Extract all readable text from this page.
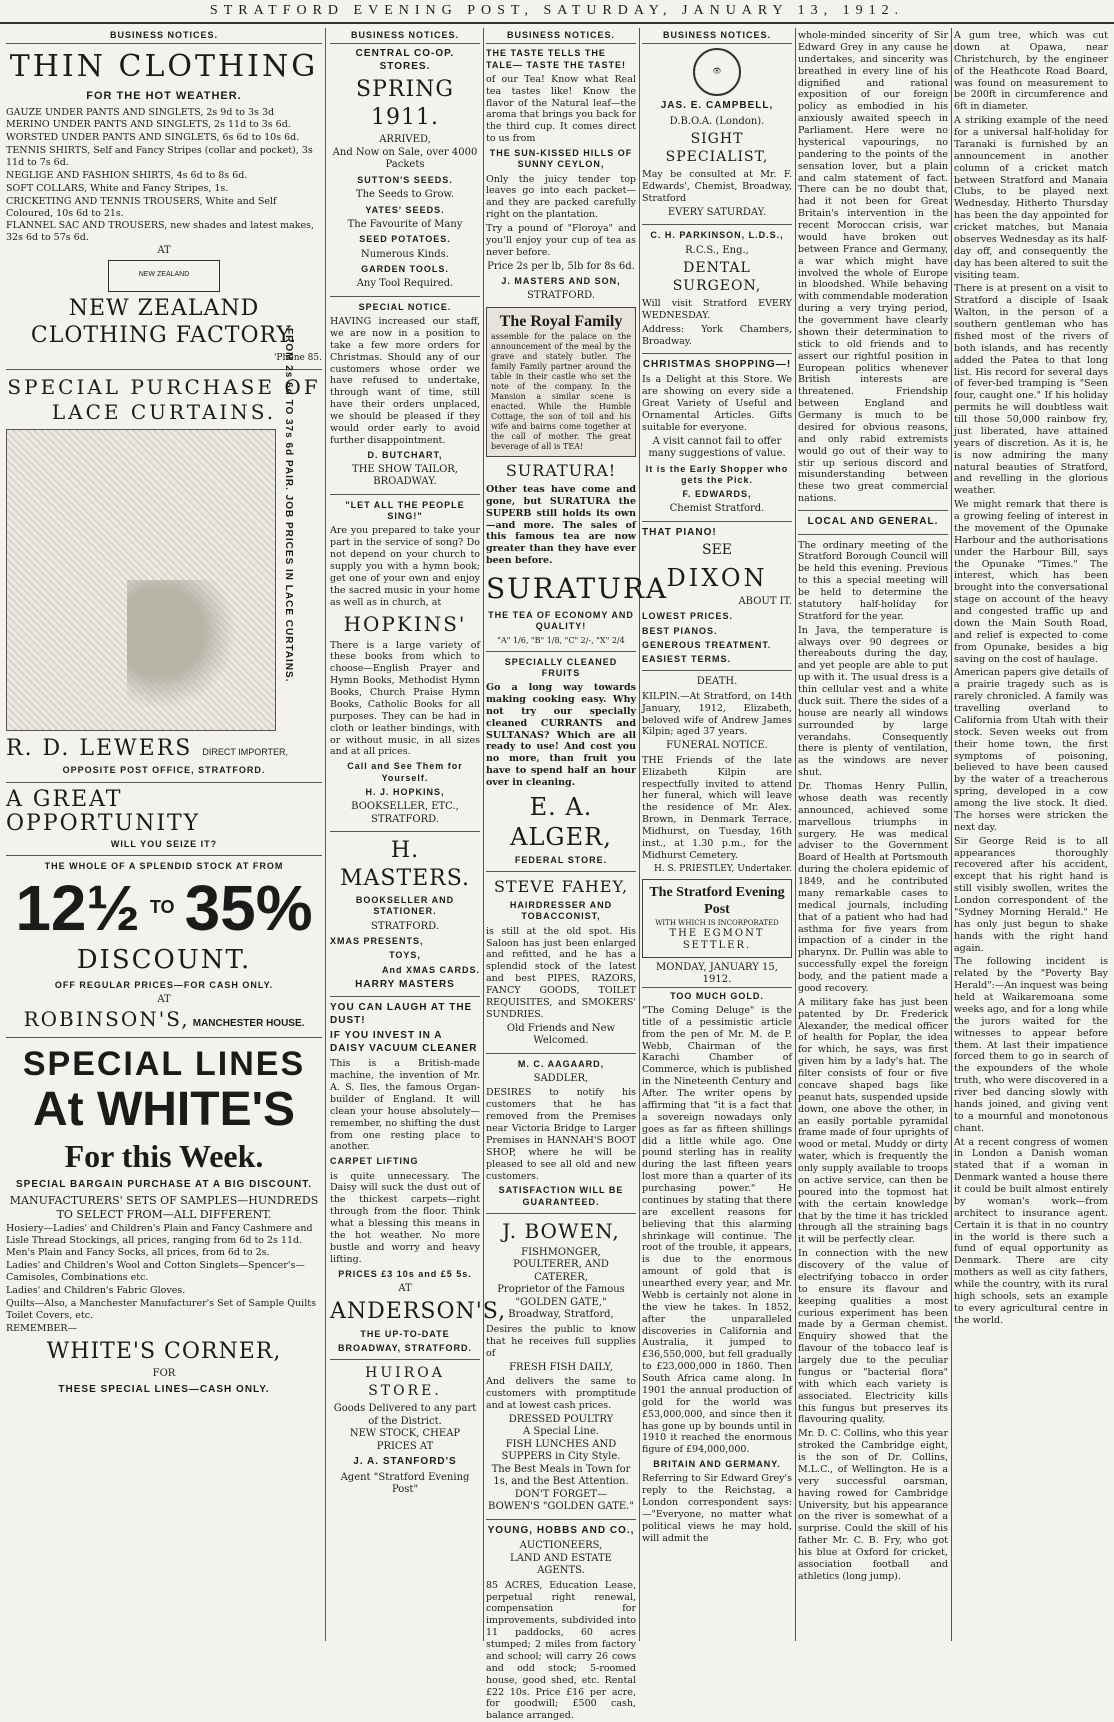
STRATFORD EVENING POST, SATURDAY, JANUARY 13, 1912.
BUSINESS NOTICES.
THIN CLOTHING
FOR THE HOT WEATHER.
GAUZE UNDER PANTS AND SINGLETS, 2s 9d to 3s 3d
MERINO UNDER PANTS AND SINGLETS, 2s 11d to 3s 6d.
WORSTED UNDER PANTS AND SINGLETS, 6s 6d to 10s 6d.
TENNIS SHIRTS, Self and Fancy Stripes (collar and pocket), 3s 11d to 7s 6d.
NEGLIGE AND FASHION SHIRTS, 4s 6d to 8s 6d.
SOFT COLLARS, White and Fancy Stripes, 1s.
CRICKETING AND TENNIS TROUSERS, White and Self Coloured, 10s 6d to 21s.
FLANNEL SAC AND TROUSERS, new shades and latest makes, 32s 6d to 57s 6d.
AT
NEW ZEALAND
NEW ZEALAND CLOTHING FACTORY.
'Phone 85.
SPECIAL PURCHASE OF LACE CURTAINS. FROM 2s 6d TO 37s 6d PAIR. JOB PRICES IN LACE CURTAINS.
R. D. LEWERS DIRECT IMPORTER,
OPPOSITE POST OFFICE, STRATFORD.
A GREAT OPPORTUNITY
WILL YOU SEIZE IT?
THE WHOLE OF A SPLENDID STOCK AT FROM
12½ TO 35%
DISCOUNT.
OFF REGULAR PRICES—FOR CASH ONLY.
AT
ROBINSON'S, MANCHESTER HOUSE.
SPECIAL LINES
At WHITE'S
For this Week.
SPECIAL BARGAIN PURCHASE AT A BIG DISCOUNT.
MANUFACTURERS' SETS OF SAMPLES—HUNDREDS TO SELECT FROM—ALL DIFFERENT.
Hosiery—Ladies' and Children's Plain and Fancy Cashmere and Lisle Thread Stockings, all prices, ranging from 6d to 2s 11d.
Men's Plain and Fancy Socks, all prices, from 6d to 2s.
Ladies' and Children's Wool and Cotton Singlets—Spencer's—Camisoles, Combinations etc.
Ladies' and Children's Fabric Gloves.
Quilts—Also, a Manchester Manufacturer's Set of Sample Quilts Toilet Covers, etc.
REMEMBER—
WHITE'S CORNER,
FOR
THESE SPECIAL LINES—CASH ONLY.
BUSINESS NOTICES.
CENTRAL CO-OP. STORES.
SPRING 1911.
ARRIVED,
And Now on Sale, over 4000 Packets
SUTTON'S SEEDS.
The Seeds to Grow.
YATES' SEEDS.
The Favourite of Many
SEED POTATOES.
Numerous Kinds.
GARDEN TOOLS.
Any Tool Required.
SPECIAL NOTICE.
HAVING increased our staff, we are now in a position to take a few more orders for Christmas. Should any of our customers whose order we have refused to undertake, through want of time, still have their orders unplaced, we should be pleased if they would order early to avoid further disappointment.
D. BUTCHART,
THE SHOW TAILOR,
BROADWAY.
"LET ALL THE PEOPLE SING!"
Are you prepared to take your part in the service of song? Do not depend on your church to supply you with a hymn book; get one of your own and enjoy the sacred music in your home as well as in church, at
HOPKINS'
There is a large variety of these books from which to choose—English Prayer and Hymn Books, Methodist Hymn Books, Church Praise Hymn Books, Catholic Books for all purposes. They can be had in cloth or leather bindings, with or without music, in all sizes and at all prices.
Call and See Them for Yourself.
H. J. HOPKINS,
BOOKSELLER, ETC., STRATFORD.
H. MASTERS.
BOOKSELLER AND STATIONER.
STRATFORD.
XMAS PRESENTS,
TOYS,
And XMAS CARDS.
HARRY MASTERS
YOU CAN LAUGH AT THE DUST!
IF YOU INVEST IN A DAISY VACUUM CLEANER
This is a British-made machine, the invention of Mr. A. S. Iles, the famous Organ-builder of England. It will clean your house absolutely—remember, no shifting the dust from one resting place to another.
CARPET LIFTING
is quite unnecessary. The Daisy will suck the dust out of the thickest carpets—right through from the floor. Think what a blessing this means in the hot weather. No more bustle and worry and heavy lifting.
PRICES £3 10s and £5 5s.
AT
ANDERSON'S,
THE UP-TO-DATE
BROADWAY, STRATFORD.
HUIROA STORE.
Goods Delivered to any part of the District.
NEW STOCK, CHEAP PRICES AT
J. A. STANFORD'S
Agent "Stratford Evening Post"
BUSINESS NOTICES.
THE TASTE TELLS THE TALE— TASTE THE TASTE!
of our Tea! Know what Real tea tastes like! Know the flavor of the Natural leaf—the aroma that brings you back for the third cup. It comes direct to us from
THE SUN-KISSED HILLS OF SUNNY CEYLON,
Only the juicy tender top leaves go into each packet—and they are packed carefully right on the plantation.
Try a pound of "Floroya" and you'll enjoy your cup of tea as never before.
Price 2s per lb, 5lb for 8s 6d.
J. MASTERS AND SON,
STRATFORD.
The Royal Family
assemble for the palace on the announcement of the meal by the grave and stately butler. The family Family partner around the table in their castle who set the note of the company. In the Mansion a similar scene is enacted. While the Humble Cottage, the son of toil and his wife and bairns come together at the call of mother. The great beverage of all is TEA!
SURATURA!
Other teas have come and gone, but SURATURA the SUPERB still holds its own—and more. The sales of this famous tea are now greater than they have ever been before.
SURATURA
THE TEA OF ECONOMY AND QUALITY!
"A" 1/6, "B" 1/8, "C" 2/-, "X" 2/4
SPECIALLY CLEANED FRUITS
Go a long way towards making cooking easy. Why not try our specially cleaned CURRANTS and SULTANAS? Which are all ready to use! And cost you no more, than fruit you have to spend half an hour over in cleaning.
E. A. ALGER,
FEDERAL STORE.
STEVE FAHEY,
HAIRDRESSER AND TOBACCONIST,
is still at the old spot. His Saloon has just been enlarged and refitted, and he has a splendid stock of the latest and best PIPES, RAZORS, FANCY GOODS, TOILET REQUISITES, and SMOKERS' SUNDRIES.
Old Friends and New Welcomed.
M. C. AAGAARD,
SADDLER,
DESIRES to notify his customers that he has removed from the Premises near Victoria Bridge to Larger Premises in HANNAH'S BOOT SHOP, where he will be pleased to see all old and new customers.
SATISFACTION WILL BE GUARANTEED.
J. BOWEN,
FISHMONGER, POULTERER, AND CATERER,
Proprietor of the Famous
"GOLDEN GATE,"
Broadway, Stratford,
Desires the public to know that he receives full supplies of
FRESH FISH DAILY,
And delivers the same to customers with promptitude and at lowest cash prices.
DRESSED POULTRY
A Special Line.
FISH LUNCHES AND SUPPERS in City Style.
The Best Meals in Town for 1s, and the Best Attention.
DON'T FORGET—
BOWEN'S "GOLDEN GATE."
YOUNG, HOBBS AND CO.,
AUCTIONEERS,
LAND AND ESTATE AGENTS.
85 ACRES, Education Lease, perpetual right renewal, compensation for improvements, subdivided into 11 paddocks, 60 acres stumped; 2 miles from factory and school; will carry 26 cows and odd stock; 5-roomed house, good shed, etc. Rental £22 10s. Price £16 per acre, for goodwill; £500 cash, balance arranged.
BUSINESS NOTICES.
👁
JAS. E. CAMPBELL,
D.B.O.A. (London).
SIGHT SPECIALIST,
May be consulted at Mr. F. Edwards', Chemist, Broadway, Stratford
EVERY SATURDAY.
C. H. PARKINSON, L.D.S.,
R.C.S., Eng.,
DENTAL SURGEON,
Will visit Stratford EVERY WEDNESDAY.
Address: York Chambers, Broadway.
CHRISTMAS SHOPPING—!
Is a Delight at this Store. We are showing on every side a Great Variety of Useful and Ornamental Articles. Gifts suitable for everyone.
A visit cannot fail to offer many suggestions of value.
It is the Early Shopper who gets the Pick.
F. EDWARDS,
Chemist Stratford.
THAT PIANO!
SEE
DIXON
ABOUT IT.
LOWEST PRICES.
BEST PIANOS.
GENEROUS TREATMENT.
EASIEST TERMS.
DEATH.
KILPIN.—At Stratford, on 14th January, 1912, Elizabeth, beloved wife of Andrew James Kilpin; aged 37 years.
FUNERAL NOTICE.
THE Friends of the late Elizabeth Kilpin are respectfully invited to attend her funeral, which will leave the residence of Mr. Alex. Brown, in Denmark Terrace, Midhurst, on Tuesday, 16th inst., at 1.30 p.m., for the Midhurst Cemetery.
H. S. PRIESTLEY, Undertaker.
The Stratford Evening Post
WITH WHICH IS INCORPORATED
THE EGMONT SETTLER.
MONDAY, JANUARY 15, 1912.
TOO MUCH GOLD.
"The Coming Deluge" is the title of a pessimistic article from the pen of Mr. M. de P. Webb, Chairman of the Karachi Chamber of Commerce, which is published in the Nineteenth Century and After. The writer opens by affirming that "it is a fact that a sovereign nowadays only goes as far as fifteen shillings did a little while ago. One pound sterling has in reality during the last fifteen years lost more than a quarter of its purchasing power." He continues by stating that there are excellent reasons for believing that this alarming shrinkage will continue. The root of the trouble, it appears, is due to the enormous amount of gold that is unearthed every year, and Mr. Webb is certainly not alone in the view he takes. In 1852, after the unparalleled discoveries in California and Australia, it jumped to £36,550,000, but fell gradually to £23,000,000 in 1860. Then South Africa came along. In 1901 the annual production of gold for the world was £53,000,000, and since then it has gone up by bounds until in 1910 it reached the enormous figure of £94,000,000.
BRITAIN AND GERMANY.
Referring to Sir Edward Grey's reply to the Reichstag, a London correspondent says:—"Everyone, no matter what political views he may hold, will admit the
whole-minded sincerity of Sir Edward Grey in any cause he undertakes, and sincerity was breathed in every line of his dignified and rational exposition of our foreign policy as embodied in his anxiously awaited speech in Parliament. Here were no hysterical vapourings, no pandering to the points of the sensation lover, but a plain and calm statement of fact. There can be no doubt that, had it not been for Great Britain's intervention in the recent Moroccan crisis, war would have broken out between France and Germany, a war which might have involved the whole of Europe in bloodshed. While behaving with commendable moderation during a very trying period, the government have clearly shown their determination to stick to old friends and to assert our rightful position in European politics whenever British interests are threatened. Friendship between England and Germany is much to be desired for obvious reasons, and only rabid extremists would go out of their way to stir up serious discord and misunderstanding between these two great commercial nations.
LOCAL AND GENERAL.
The ordinary meeting of the Stratford Borough Council will be held this evening. Previous to this a special meeting will be held to determine the statutory half-holiday for Stratford for the year.
In Java, the temperature is always over 90 degrees or thereabouts during the day, and yet people are able to put up with it. The usual dress is a thin cellular vest and a white duck suit. There the sides of a house are nearly all windows surrounded by large verandahs. Consequently there is plenty of ventilation, as the windows are never shut.
Dr. Thomas Henry Pullin, whose death was recently announced, achieved some marvellous triumphs in surgery. He was medical adviser to the Government Board of Health at Portsmouth during the cholera epidemic of 1849, and he contributed many remarkable cases to medical journals, including that of a patient who had had asthma for five years from impaction of a cinder in the pharynx. Dr. Pullin was able to successfully expel the foreign body, and the patient made a good recovery.
A military fake has just been patented by Dr. Frederick Alexander, the medical officer of health for Poplar, the idea for which, he says, was first given him by a lady's hat. The filter consists of four or five concave shaped bags like peanut hats, suspended upside down, one above the other, in an easily portable pyramidal frame made of four uprights of wood or metal. Muddy or dirty water, which is frequently the only supply available to troops on active service, can then be poured into the topmost hat with the certain knowledge that by the time it has trickled through all the straining bags it will be perfectly clear.
In connection with the new discovery of the value of electrifying tobacco in order to ensure its flavour and keeping qualities a most curious experiment has been made by a German chemist. Enquiry showed that the flavour of the tobacco leaf is largely due to the peculiar fungus or "bacterial flora" with which each variety is associated. Electricity kills this fungus but preserves its flavouring quality.
Mr. D. C. Collins, who this year stroked the Cambridge eight, is the son of Dr. Collins, M.L.C., of Wellington. He is a very successful oarsman, having rowed for Cambridge University, but his appearance on the river is somewhat of a surprise. Could the skill of his father Mr. C. B. Fry, who got his blue at Oxford for cricket, association football and athletics (long jump).
A gum tree, which was cut down at Opawa, near Christchurch, by the engineer of the Heathcote Road Board, was found on measurement to be 200ft in circumference and 6ft in diameter.
A striking example of the need for a universal half-holiday for Taranaki is furnished by an announcement in another column of a cricket match between Stratford and Manaia Clubs, to be played next Wednesday. Hitherto Thursday has been the day appointed for cricket matches, but Manaia observes Wednesday as its half-day off, and consequently the day has been altered to suit the visiting team.
There is at present on a visit to Stratford a disciple of Isaak Walton, in the person of a southern gentleman who has fished most of the rivers of both islands, and has recently added the Patea to that long list. His record for several days of fever-bed tramping is "Seen four, caught one." If his holiday permits he will doubtless wait till those 50,000 rainbow fry, just liberated, have attained years of discretion. As it is, he is now admiring the many natural beauties of Stratford, and revelling in the glorious weather.
We might remark that there is a growing feeling of interest in the movement of the Opunake Harbour and the authorisations under the Harbour Bill, says the Opunake "Times." The interest, which has been brought into the conversational stage on account of the heavy and congested traffic up and down the Main South Road, and relief is expected to come from Opunake, besides a big saving on the cost of haulage.
American papers give details of a prairie tragedy such as is rarely chronicled. A family was travelling overland to California from Utah with their stock. Seven weeks out from their home town, the first symptoms of poisoning, believed to have been caused by the water of a treacherous spring, developed in a cow among the live stock. It died. The horses were stricken the next day.
Sir George Reid is to all appearances thoroughly recovered after his accident, except that his right hand is still visibly swollen, writes the London correspondent of the "Sydney Morning Herald." He has only just begun to shake hands with the right hand again.
The following incident is related by the "Poverty Bay Herald":—An inquest was being held at Waikaremoana some weeks ago, and for a long while the jurors waited for the witnesses to appear before them. At last their impatience forced them to go in search of the expounders of the whole truth, who were discovered in a river bed dancing slowly with hands joined, and giving vent to a mournful and monotonous chant.
At a recent congress of women in London a Danish woman stated that if a woman in Denmark wanted a house there it could be built almost entirely by woman's work—from architect to insurance agent. Certain it is that in no country in the world is there such a fund of equal opportunity as Denmark. There are city mothers as well as city fathers, while the country, with its rural high schools, sets an example to every agricultural centre in the world.
